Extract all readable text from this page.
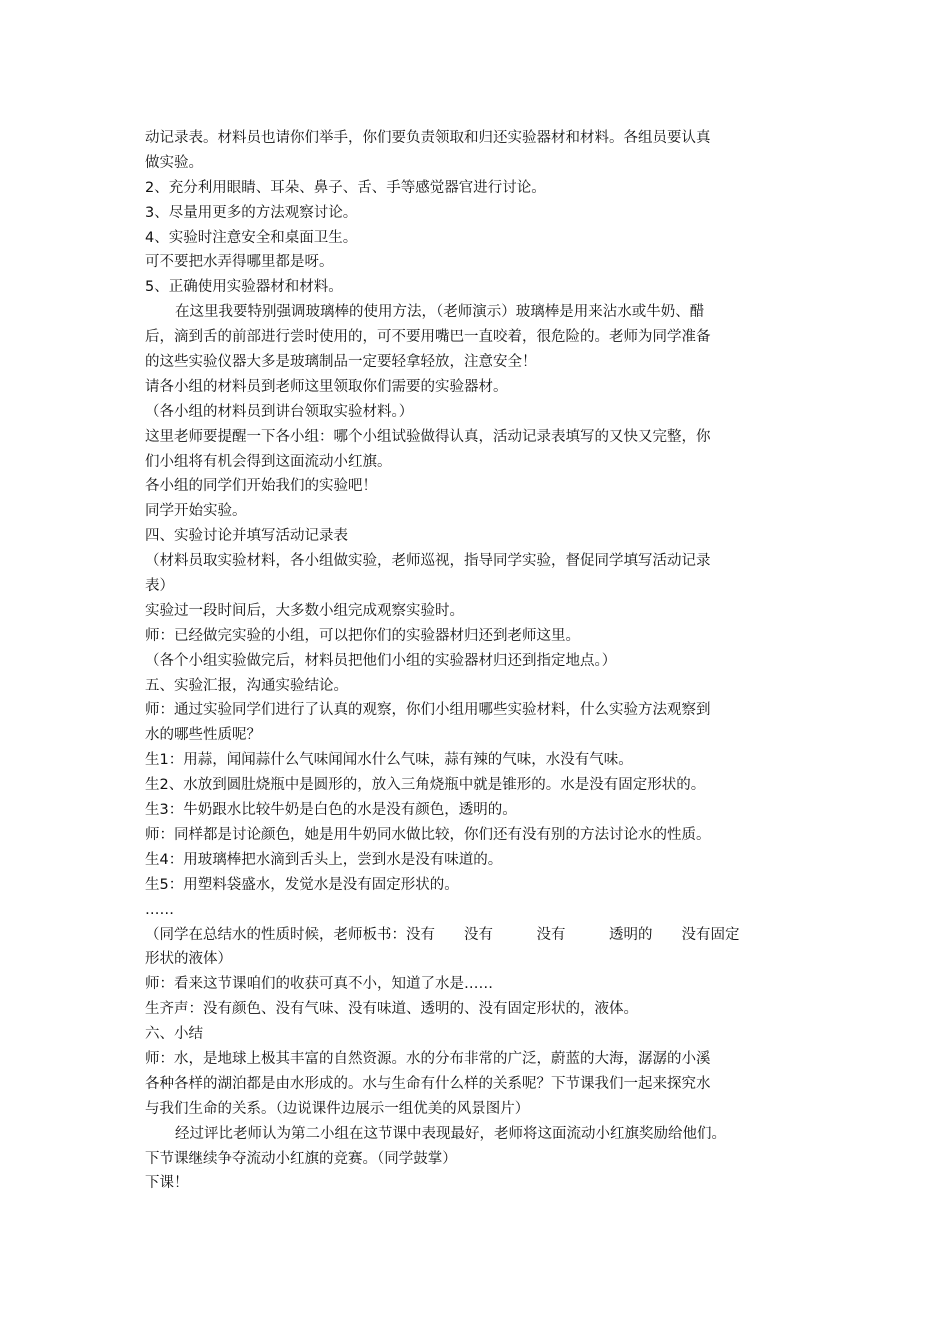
动记录表。材料员也请你们举手，你们要负责领取和归还实验器材和材料。各组员要认真
做实验。
2、充分利用眼睛、耳朵、鼻子、舌、手等感觉器官进行讨论。
3、尽量用更多的方法观察讨论。
4、实验时注意安全和桌面卫生。
可不要把水弄得哪里都是呀。
5、正确使用实验器材和材料。
在这里我要特别强调玻璃棒的使用方法，（老师演示）玻璃棒是用来沾水或牛奶、醋
后，滴到舌的前部进行尝时使用的，可不要用嘴巴一直咬着，很危险的。老师为同学准备
的这些实验仪器大多是玻璃制品一定要轻拿轻放，注意安全！
请各小组的材料员到老师这里领取你们需要的实验器材。
（各小组的材料员到讲台领取实验材料。）
这里老师要提醒一下各小组：哪个小组试验做得认真，活动记录表填写的又快又完整，你
们小组将有机会得到这面流动小红旗。
各小组的同学们开始我们的实验吧！
同学开始实验。
四、实验讨论并填写活动记录表
（材料员取实验材料，各小组做实验，老师巡视，指导同学实验，督促同学填写活动记录
表）
实验过一段时间后，大多数小组完成观察实验时。
师：已经做完实验的小组，可以把你们的实验器材归还到老师这里。
（各个小组实验做完后，材料员把他们小组的实验器材归还到指定地点。）
五、实验汇报，沟通实验结论。
师：通过实验同学们进行了认真的观察，你们小组用哪些实验材料，什么实验方法观察到
水的哪些性质呢？
生1：用蒜，闻闻蒜什么气味闻闻水什么气味，蒜有辣的气味，水没有气味。
生2、水放到圆肚烧瓶中是圆形的，放入三角烧瓶中就是锥形的。水是没有固定形状的。
生3：牛奶跟水比较牛奶是白色的水是没有颜色，透明的。
师：同样都是讨论颜色，她是用牛奶同水做比较，你们还有没有别的方法讨论水的性质。
生4：用玻璃棒把水滴到舌头上，尝到水是没有味道的。
生5：用塑料袋盛水，发觉水是没有固定形状的。
……
（同学在总结水的性质时候，老师板书：没有　　没有　　　没有　　　透明的　　没有固定
形状的液体）
师：看来这节课咱们的收获可真不小，知道了水是……
生齐声：没有颜色、没有气味、没有味道、透明的、没有固定形状的，液体。
六、小结
师：水，是地球上极其丰富的自然资源。水的分布非常的广泛，蔚蓝的大海，潺潺的小溪
各种各样的湖泊都是由水形成的。水与生命有什么样的关系呢？下节课我们一起来探究水
与我们生命的关系。（边说课件边展示一组优美的风景图片）
经过评比老师认为第二小组在这节课中表现最好，老师将这面流动小红旗奖励给他们。
下节课继续争夺流动小红旗的竞赛。（同学鼓掌）
下课！
